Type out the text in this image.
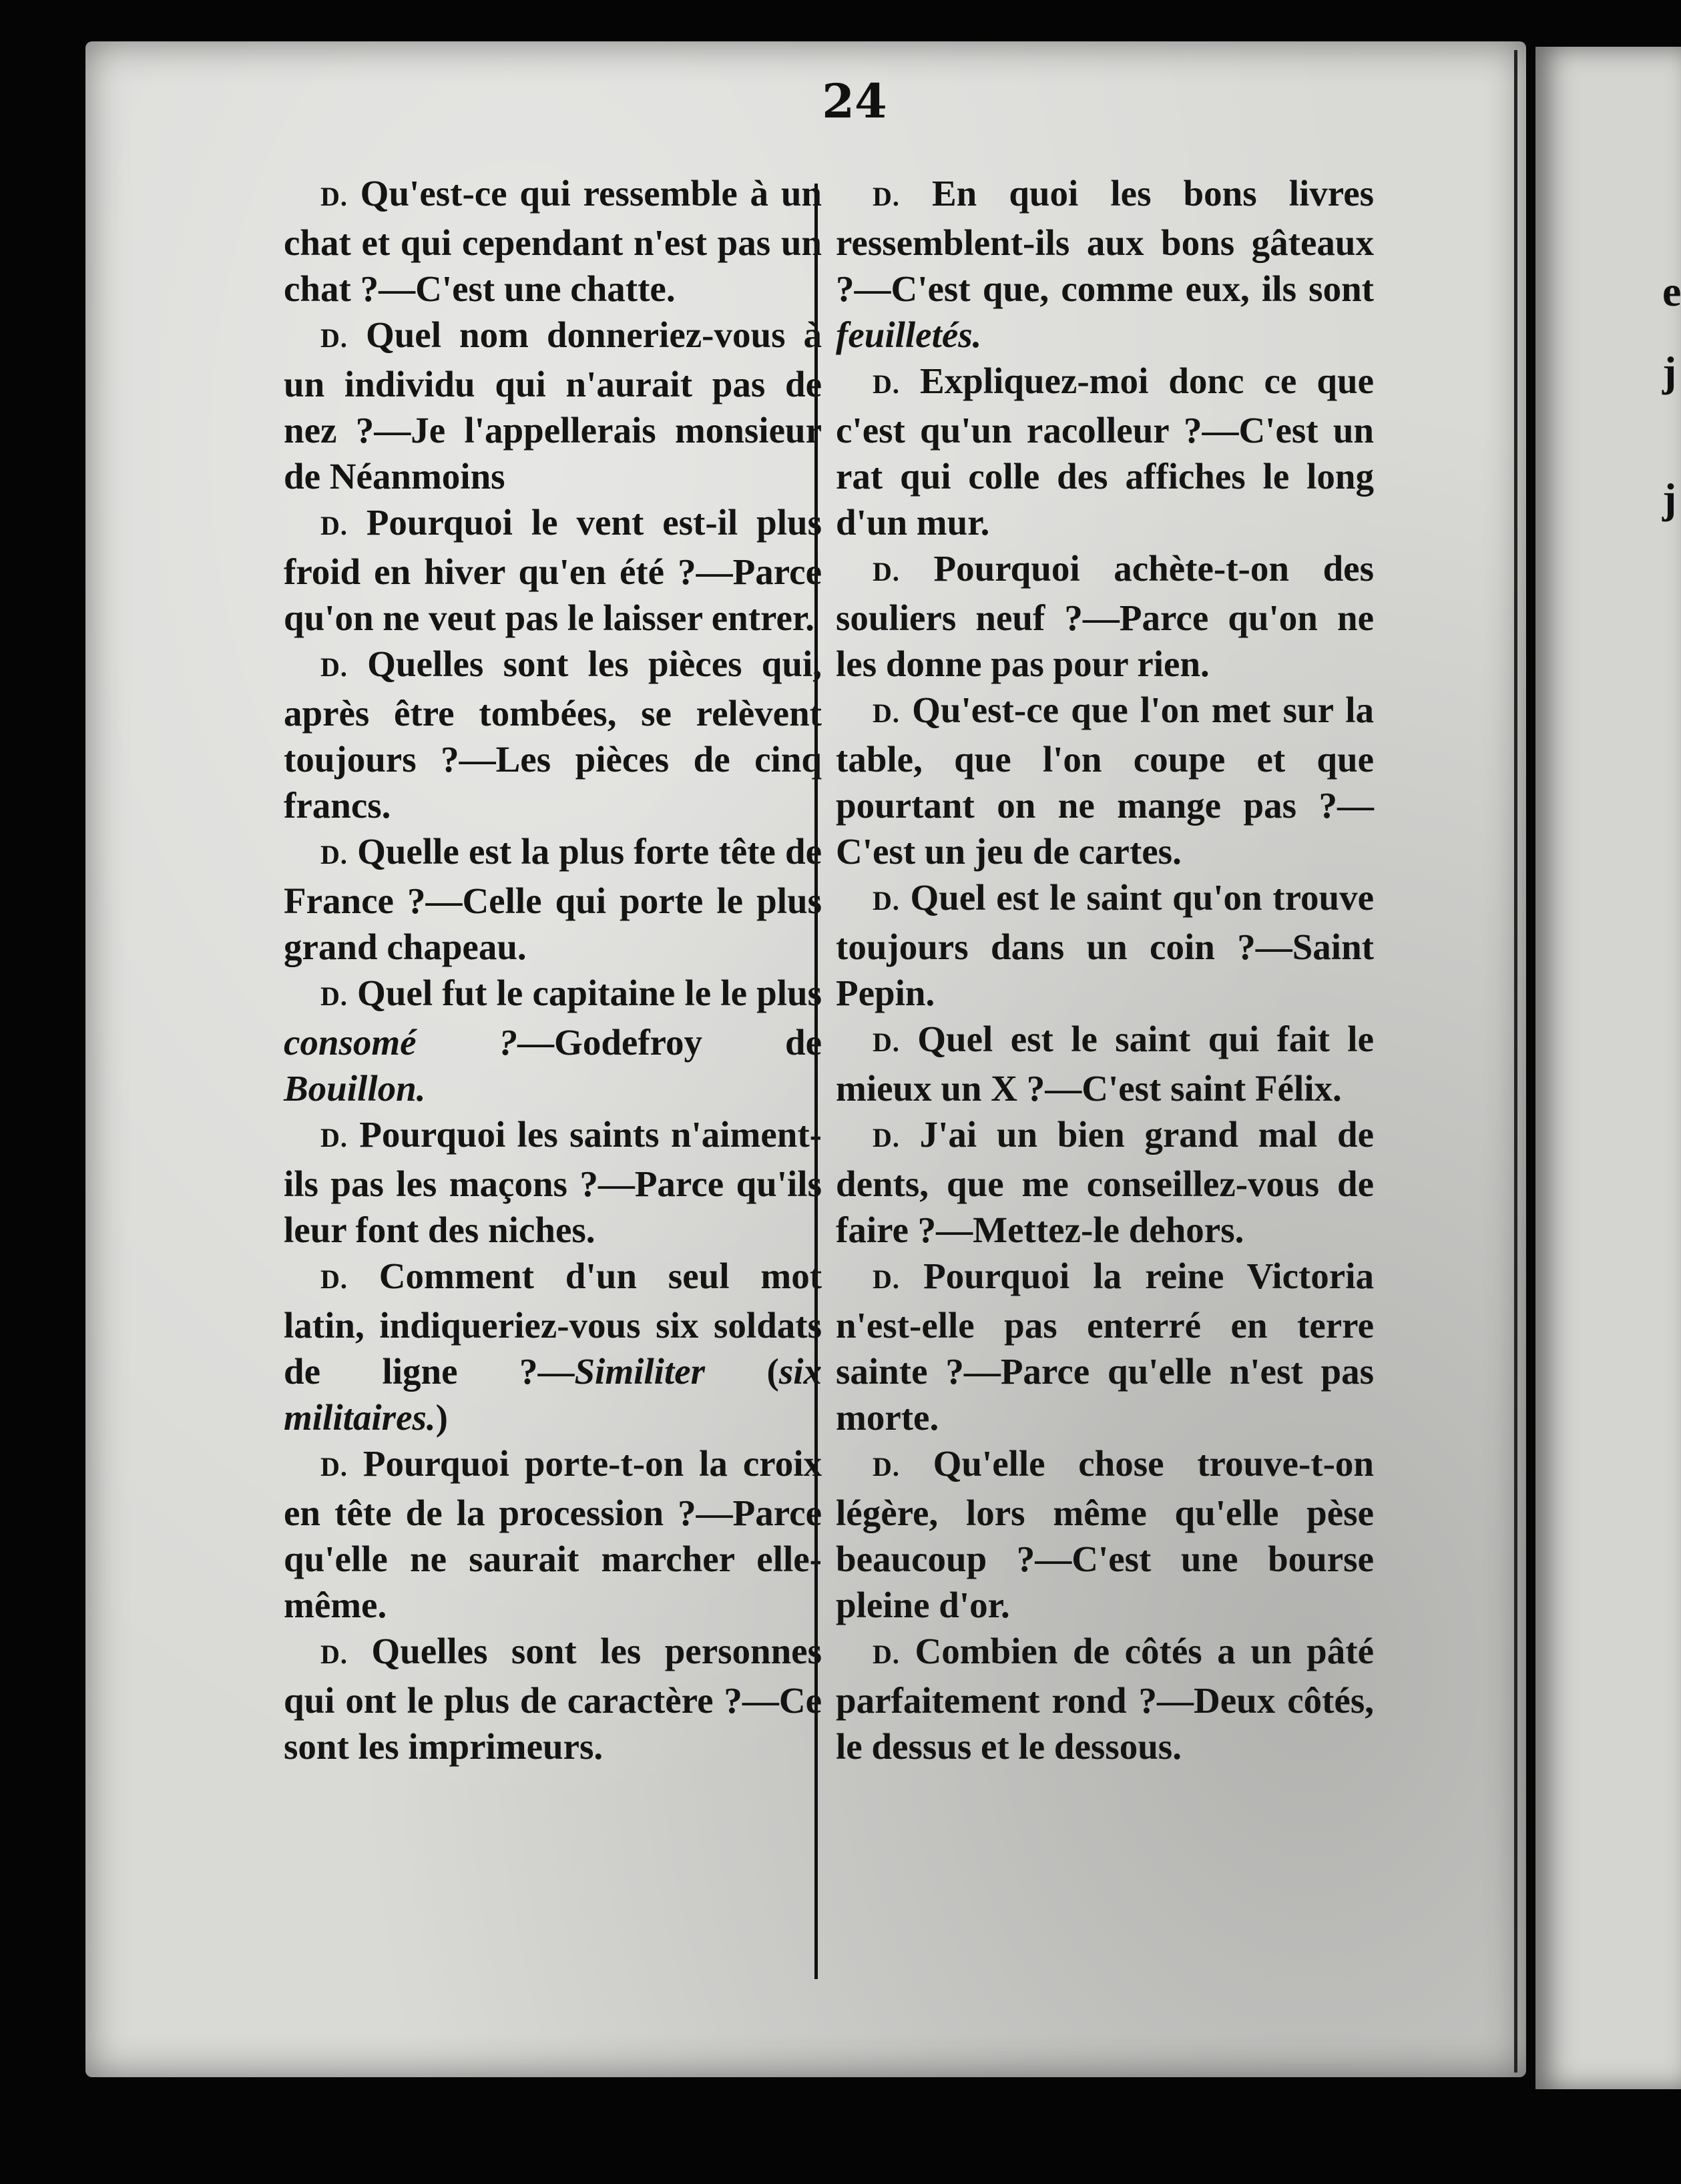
e
j
j
24

D. Qu'est-ce qui ressemble à un chat et qui cependant n'est pas un chat ?—C'est une chatte.

D. Quel nom donneriez-vous à un individu qui n'aurait pas de nez ?—Je l'appellerais monsieur de Néanmoins

D. Pourquoi le vent est-il plus froid en hiver qu'en été ?—Parce qu'on ne veut pas le laisser entrer.

D. Quelles sont les pièces qui, après être tombées, se relèvent toujours ?—Les pièces de cinq francs.

D. Quelle est la plus forte tête de France ?—Celle qui porte le plus grand chapeau.

D. Quel fut le capitaine le le plus consomé ?—Godefroy de Bouillon.

D. Pourquoi les saints n'aiment-ils pas les maçons ?—Parce qu'ils leur font des niches.

D. Comment d'un seul mot latin, indiqueriez-vous six soldats de ligne ?—Similiter (six militaires.)

D. Pourquoi porte-t-on la croix en tête de la procession ?—Parce qu'elle ne saurait marcher elle-même.

D. Quelles sont les personnes qui ont le plus de caractère ?—Ce sont les imprimeurs.

D. En quoi les bons livres ressemblent-ils aux bons gâteaux ?—C'est que, comme eux, ils sont feuilletés.

D. Expliquez-moi donc ce que c'est qu'un racolleur ?—C'est un rat qui colle des affiches le long d'un mur.

D. Pourquoi achète-t-on des souliers neuf ?—Parce qu'on ne les donne pas pour rien.

D. Qu'est-ce que l'on met sur la table, que l'on coupe et que pourtant on ne mange pas ?—C'est un jeu de cartes.

D. Quel est le saint qu'on trouve toujours dans un coin ?—Saint Pepin.

D. Quel est le saint qui fait le mieux un X ?—C'est saint Félix.

D. J'ai un bien grand mal de dents, que me conseillez-vous de faire ?—Mettez-le dehors.

D. Pourquoi la reine Victoria n'est-elle pas enterré en terre sainte ?—Parce qu'elle n'est pas morte.

D. Qu'elle chose trouve-t-on légère, lors même qu'elle pèse beaucoup ?—C'est une bourse pleine d'or.

D. Combien de côtés a un pâté parfaitement rond ?—Deux côtés, le dessus et le dessous.
